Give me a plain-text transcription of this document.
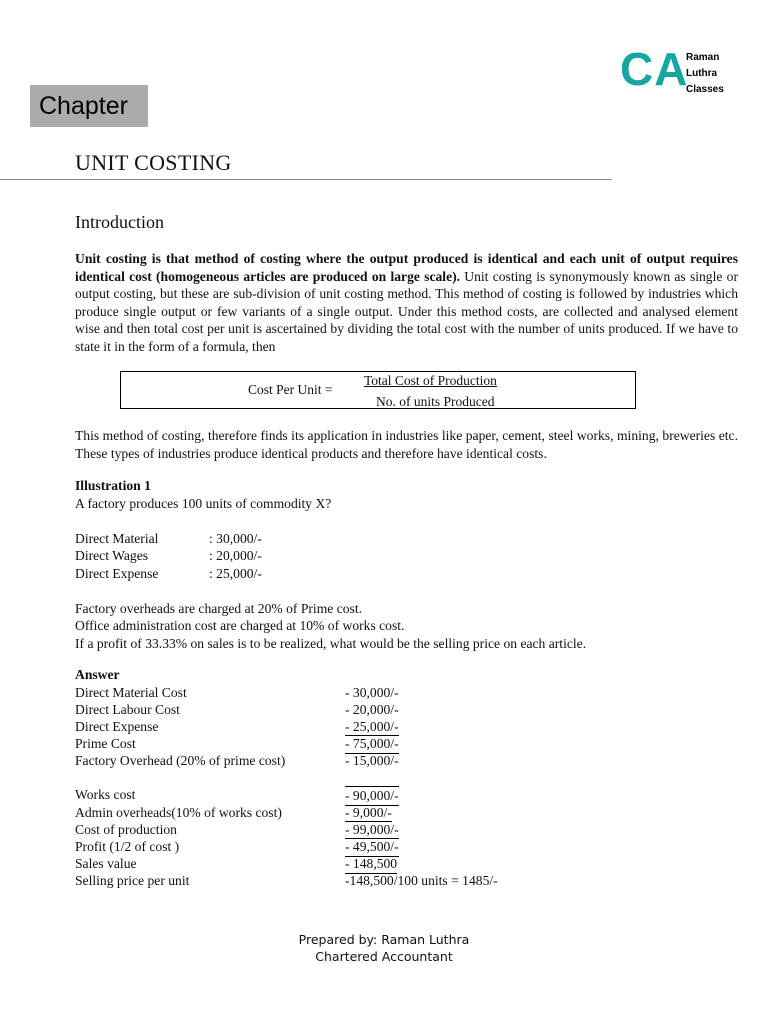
Chapter
CA
Raman
Luthra
Classes
UNIT COSTING
Introduction
Unit costing is that method of costing where the output produced is identical and each unit of output requires identical cost (homogeneous articles are produced on large scale). Unit costing is synonymously known as single or output costing, but these are sub-division of unit costing method. This method of costing is followed by industries which produce single output or few variants of a single output. Under this method costs, are collected and analysed element wise and then total cost per unit is ascertained by dividing the total cost with the number of units produced. If we have to state it in the form of a formula, then
Cost Per Unit =
Total Cost of Production
No. of units Produced
This method of costing, therefore finds its application in industries like paper, cement, steel works, mining, breweries etc. These types of industries produce identical products and therefore have identical costs.
Illustration 1
A factory produces 100 units of commodity X?
Direct Material	: 30,000/-
Direct Wages	: 20,000/-
Direct Expense	: 25,000/-
Factory overheads are charged at 20% of Prime cost.
Office administration cost are charged at 10% of works cost.
If a profit of 33.33% on sales is to be realized, what would be the selling price on each article.
Answer
Direct Material Cost	- 30,000/-
Direct Labour Cost	- 20,000/-
Direct Expense	- 25,000/-
Prime Cost	- 75,000/-
Factory Overhead (20% of prime cost)	- 15,000/-
Works cost	- 90,000/-
Admin overheads(10% of works cost)	- 9,000/-
Cost of production	- 99,000/-
Profit (1/2 of cost )	- 49,500/-
Sales value	- 148,500
Selling price per unit	-148,500/100 units = 1485/-
Prepared by: Raman Luthra
Chartered Accountant
